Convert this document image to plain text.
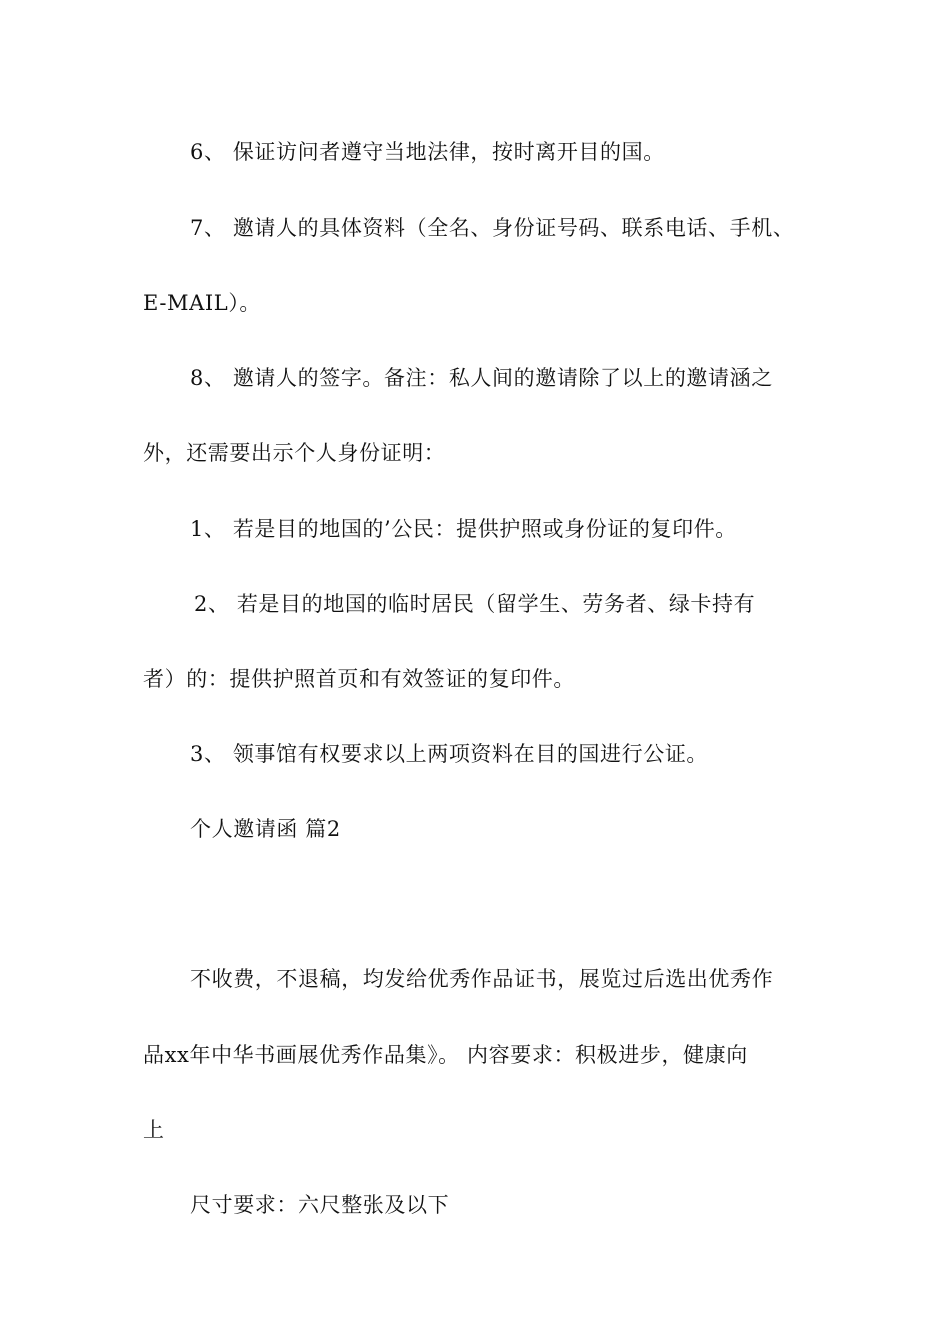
6、 保证访问者遵守当地法律，按时离开目的国。
7、 邀请人的具体资料（全名、身份证号码、联系电话、手机、
E-MAIL）。
8、 邀请人的签字。备注：私人间的邀请除了以上的邀请涵之
外，还需要出示个人身份证明：
1、 若是目的地国的’公民：提供护照或身份证的复印件。
2、 若是目的地国的临时居民（留学生、劳务者、绿卡持有
者）的：提供护照首页和有效签证的复印件。
3、 领事馆有权要求以上两项资料在目的国进行公证。
个人邀请函 篇2
不收费，不退稿，均发给优秀作品证书，展览过后选出优秀作
品xx年中华书画展优秀作品集》。 内容要求：积极进步，健康向
上
尺寸要求：六尺整张及以下
